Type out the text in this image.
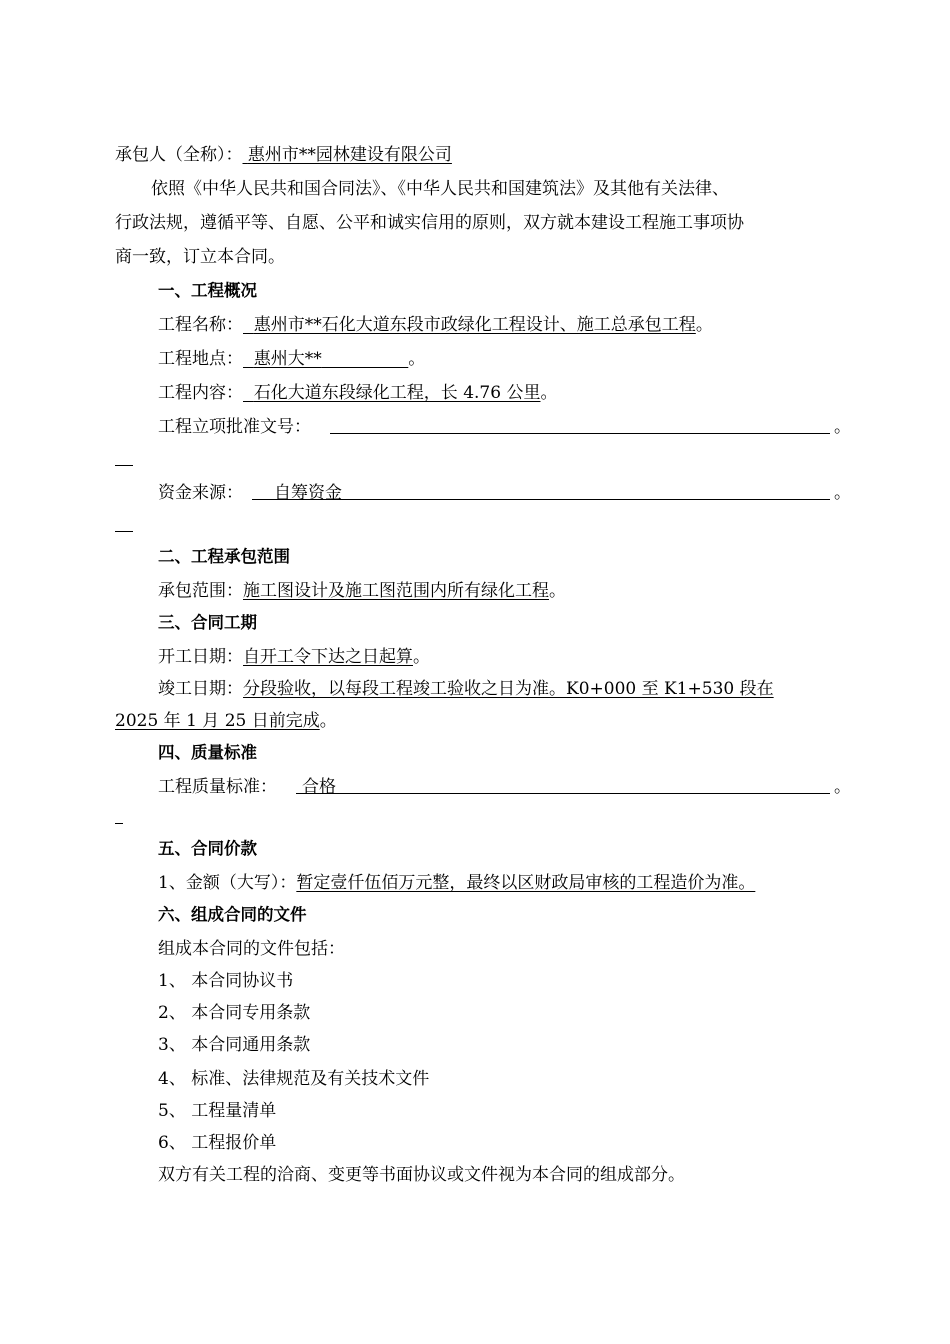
承包人（全称）： 惠州市**园林建设有限公司
依照《中华人民共和国合同法》、《中华人民共和国建筑法》及其他有关法律、
行政法规，遵循平等、自愿、公平和诚实信用的原则，双方就本建设工程施工事项协
商一致，订立本合同。
一、工程概况
工程名称： 惠州市**石化大道东段市政绿化工程设计、施工总承包工程。
工程地点： 惠州大**	。
工程内容： 石化大道东段绿化工程，长 4.76 公里。
工程立项批准文号：	。
资金来源： 自筹资金	。
二、工程承包范围
承包范围：施工图设计及施工图范围内所有绿化工程。
三、合同工期
开工日期：自开工令下达之日起算。
竣工日期：分段验收，以每段工程竣工验收之日为准。K0+000 至 K1+530 段在
2025 年 1 月 25 日前完成。
四、质量标准
工程质量标准： 合格	。
五、合同价款
1、金额（大写）：暂定壹仟伍佰万元整，最终以区财政局审核的工程造价为准。
六、组成合同的文件
组成本合同的文件包括：
1、 本合同协议书
2、 本合同专用条款
3、 本合同通用条款
4、 标准、法律规范及有关技术文件
5、 工程量清单
6、 工程报价单
双方有关工程的洽商、变更等书面协议或文件视为本合同的组成部分。
